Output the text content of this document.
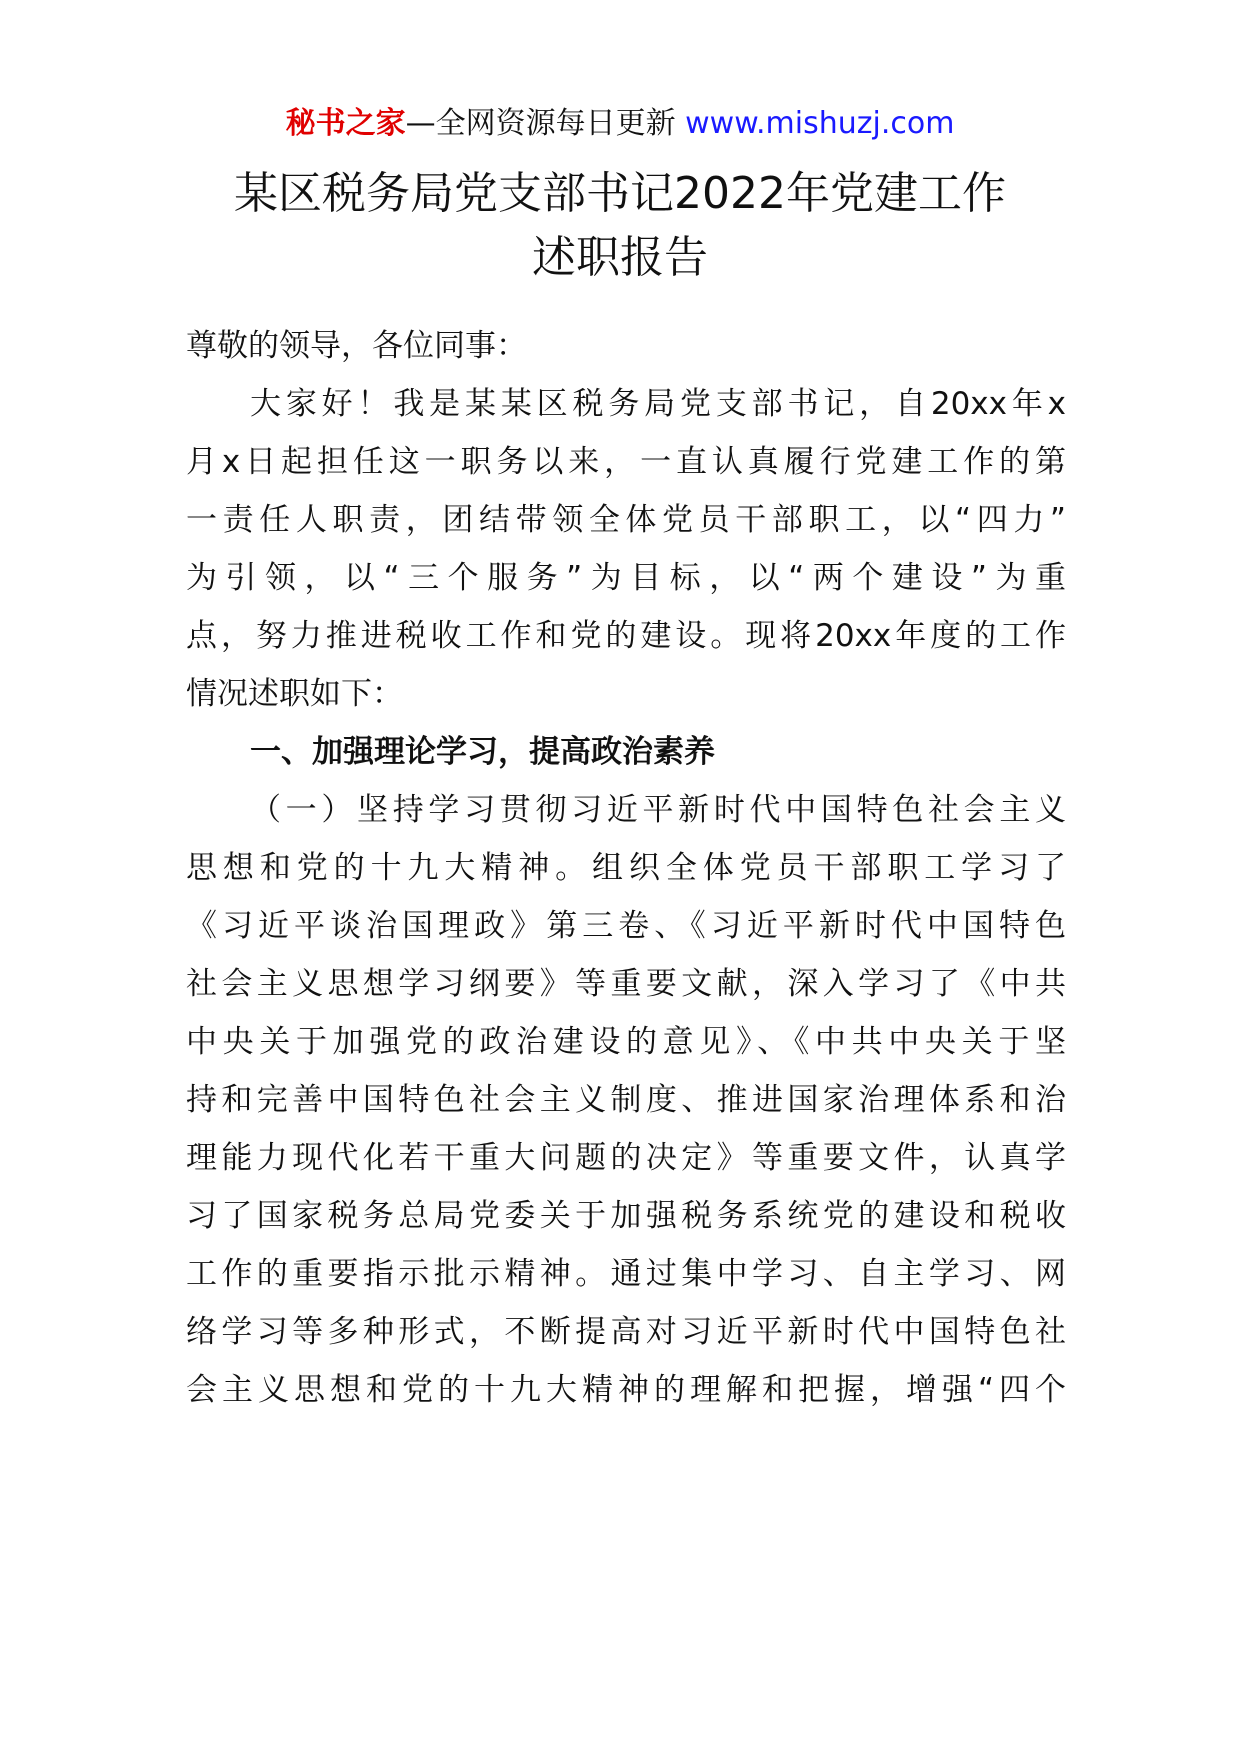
秘书之家—全网资源每日更新 www.mishuzj.com
某区税务局党支部书记2022年党建工作
述职报告
尊敬的领导，各位同事：
大家好！我是某某区税务局党支部书记，自20xx年x
月x日起担任这一职务以来，一直认真履行党建工作的第
一责任人职责，团结带领全体党员干部职工，以“四力”
为引领，以“三个服务”为目标，以“两个建设”为重
点，努力推进税收工作和党的建设。现将20xx年度的工作
情况述职如下：
一、加强理论学习，提高政治素养
（一）坚持学习贯彻习近平新时代中国特色社会主义
思想和党的十九大精神。组织全体党员干部职工学习了
《习近平谈治国理政》第三卷、《习近平新时代中国特色
社会主义思想学习纲要》等重要文献，深入学习了《中共
中央关于加强党的政治建设的意见》、《中共中央关于坚
持和完善中国特色社会主义制度、推进国家治理体系和治
理能力现代化若干重大问题的决定》等重要文件，认真学
习了国家税务总局党委关于加强税务系统党的建设和税收
工作的重要指示批示精神。通过集中学习、自主学习、网
络学习等多种形式，不断提高对习近平新时代中国特色社
会主义思想和党的十九大精神的理解和把握，增强“四个
